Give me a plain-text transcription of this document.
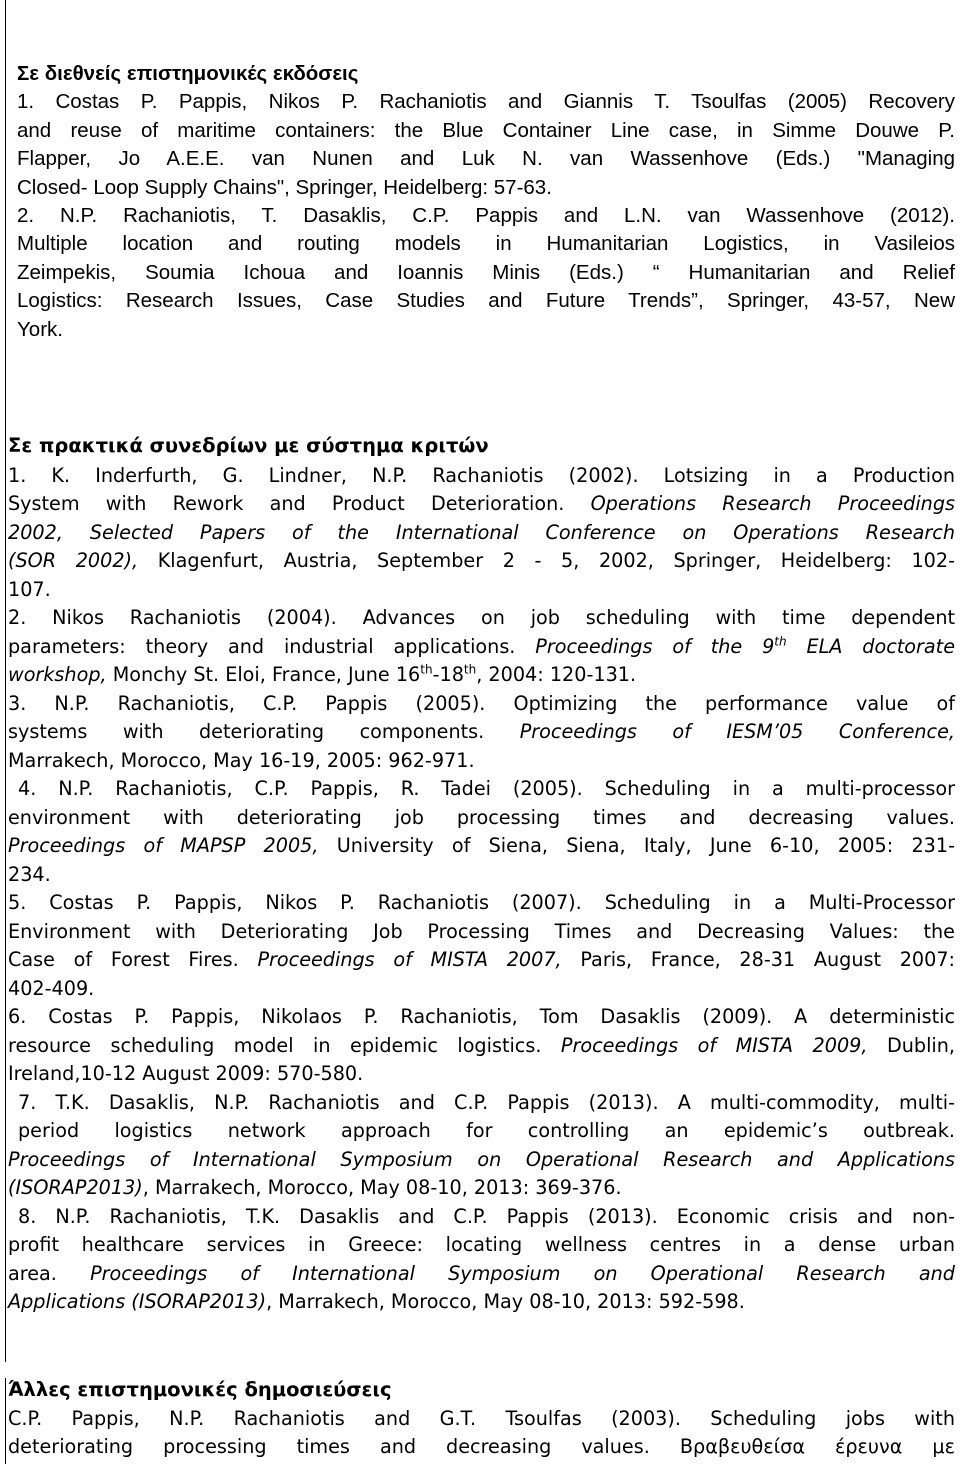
Σε διεθνείς επιστημονικές εκδόσεις
1. Costas P. Pappis, Nikos P. Rachaniotis and Giannis T. Tsoulfas (2005) Recovery
and reuse of maritime containers: the Blue Container Line case, in Simme Douwe P.
Flapper, Jo A.E.E. van Nunen and Luk N. van Wassenhove (Eds.) "Managing
Closed- Loop Supply Chains", Springer, Heidelberg: 57-63.
2. N.P. Rachaniotis, T. Dasaklis, C.P. Pappis and L.N. van Wassenhove (2012).
Multiple location and routing models in Humanitarian Logistics, in Vasileios
Zeimpekis, Soumia Ichoua and Ioannis Minis (Eds.) “ Humanitarian and Relief
Logistics: Research Issues, Case Studies and Future Trends”, Springer, 43-57, New
York.
Σε πρακτικά συνεδρίων με σύστημα κριτών
1. K. Inderfurth, G. Lindner, N.P. Rachaniotis (2002). Lotsizing in a Production
System with Rework and Product Deterioration. Operations Research Proceedings
2002, Selected Papers of the International Conference on Operations Research
(SOR 2002), Klagenfurt, Austria, September 2 - 5, 2002, Springer, Heidelberg: 102-
107.
2. Nikos Rachaniotis (2004). Advances on job scheduling with time dependent
parameters: theory and industrial applications. Proceedings of the 9th ELA doctorate
workshop, Monchy St. Eloi, France, June 16th-18th, 2004: 120-131.
3. N.P. Rachaniotis, C.P. Pappis (2005). Optimizing the performance value of
systems with deteriorating components. Proceedings of IESM’05 Conference,
Marrakech, Morocco, May 16-19, 2005: 962-971.
4. N.P. Rachaniotis, C.P. Pappis, R. Tadei (2005). Scheduling in a multi-processor
environment with deteriorating job processing times and decreasing values.
Proceedings of MAPSP 2005, University of Siena, Siena, Italy, June 6-10, 2005: 231-
234.
5. Costas P. Pappis, Nikos P. Rachaniotis (2007). Scheduling in a Multi-Processor
Environment with Deteriorating Job Processing Times and Decreasing Values: the
Case of Forest Fires. Proceedings of MISTA 2007, Paris, France, 28-31 August 2007:
402-409.
6. Costas P. Pappis, Nikolaos P. Rachaniotis, Tom Dasaklis (2009). A deterministic
resource scheduling model in epidemic logistics. Proceedings of MISTA 2009, Dublin,
Ireland,10-12 August 2009: 570-580.
7. T.K. Dasaklis, N.P. Rachaniotis and C.P. Pappis (2013). A multi-commodity, multi-
period logistics network approach for controlling an epidemic’s outbreak.
Proceedings of International Symposium on Operational Research and Applications
(ISORAP2013), Marrakech, Morocco, May 08-10, 2013: 369-376.
8. N.P. Rachaniotis, T.K. Dasaklis and C.P. Pappis (2013). Economic crisis and non-
profit healthcare services in Greece: locating wellness centres in a dense urban
area. Proceedings of International Symposium on Operational Research and
Applications (ISORAP2013), Marrakech, Morocco, May 08-10, 2013: 592-598.
Άλλες επιστημονικές δημοσιεύσεις
C.P. Pappis, N.P. Rachaniotis and G.T. Tsoulfas (2003). Scheduling jobs with
deteriorating processing times and decreasing values. Βραβευθείσα έρευνα με
